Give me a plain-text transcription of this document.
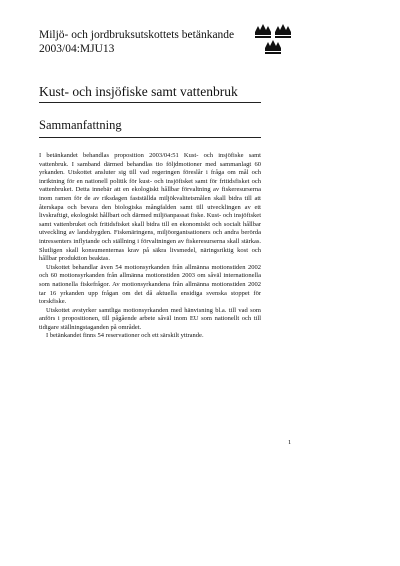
Miljö- och jordbruksutskottets betänkande
2003/04:MJU13
Kust- och insjöfiske samt vattenbruk
Sammanfattning

I betänkandet behandlas proposition 2003/04:51 Kust- och insjöfiske samt vattenbruk. I samband därmed behandlas tio följdmotioner med sammanlagt 60 yrkanden. Utskottet ansluter sig till vad regeringen föreslår i fråga om mål och inriktning för en nationell politik för kust- och insjöfisket samt för fritidsfisket och vattenbruket. Detta innebär att en ekologiskt hållbar förvaltning av fiskeresurserna inom ramen för de av riksdagen fastställda miljökvalitetsmålen skall bidra till att återskapa och bevara den biologiska mångfalden samt till utvecklingen av ett livskraftigt, ekologiskt hållbart och därmed miljöanpassat fiske. Kust- och insjöfisket samt vattenbruket och fritidsfisket skall bidra till en ekonomiskt och socialt hållbar utveckling av landsbygden. Fiskenäringens, miljöorganisationers och andra berörda intressenters inflytande och ställning i förvaltningen av fiskeresurserna skall stärkas. Slutligen skall konsumenternas krav på säkra livsmedel, näringsriktig kost och hållbar produktion beaktas.

Utskottet behandlar även 54 motionsyrkanden från allmänna motionstiden 2002 och 60 motionsyrkanden från allmänna motionstiden 2003 om såväl internationella som nationella fiskefrågor. Av motionsyrkandena från allmänna motionstiden 2002 tar 16 yrkanden upp frågan om det då aktuella ensidiga svenska stoppet för torskfiske.

Utskottet avstyrker samtliga motionsyrkanden med hänvisning bl.a. till vad som anförs i propositionen, till pågående arbete såväl inom EU som nationellt och till tidigare ställningstaganden på området.

I betänkandet finns 54 reservationer och ett särskilt yttrande.

1
